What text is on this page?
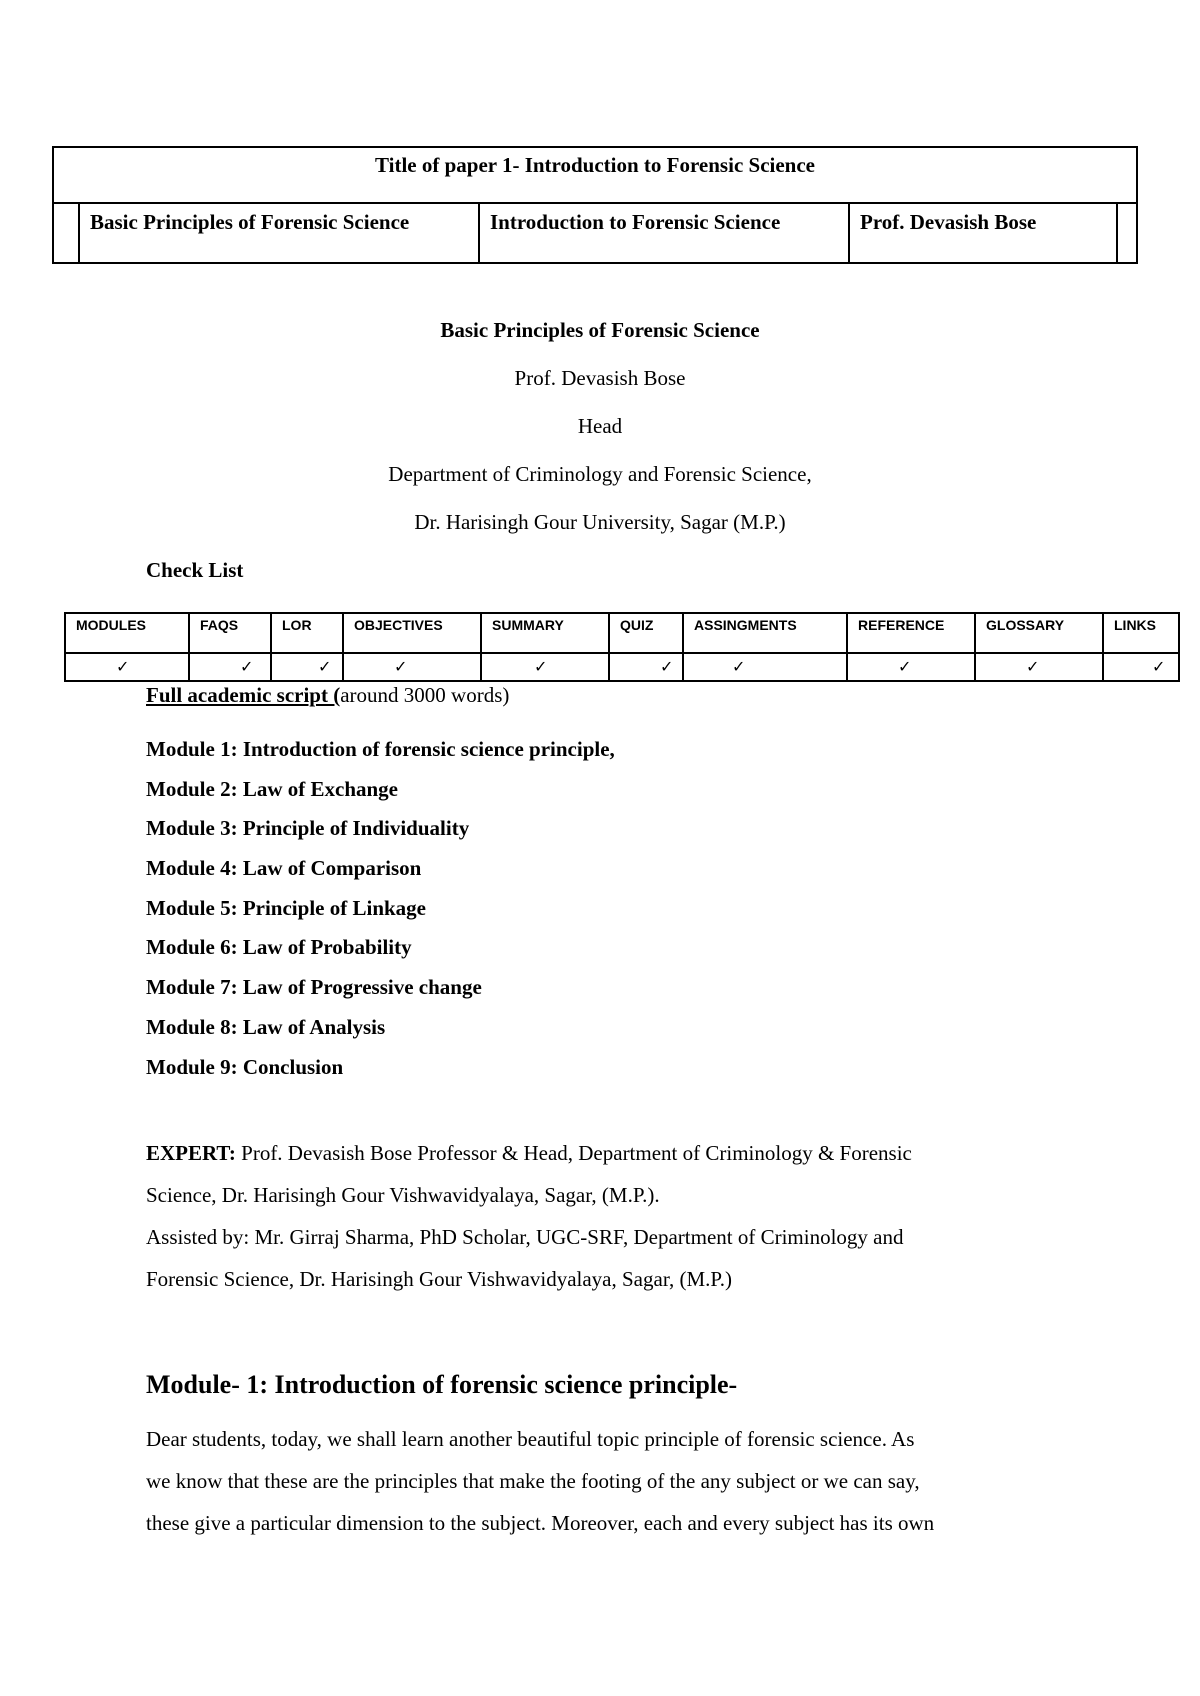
Title of paper 1- Introduction to Forensic Science
Basic Principles of Forensic Science	Introduction to Forensic Science	Prof. Devasish Bose
Basic Principles of Forensic Science
Prof. Devasish Bose
Head
Department of Criminology and Forensic Science,
Dr. Harisingh Gour University, Sagar (M.P.)
Check List
MODULES
✓
FAQS
✓
LOR
✓
OBJECTIVES
✓
SUMMARY
✓
QUIZ
✓
ASSINGMENTS
✓
REFERENCE
✓
GLOSSARY
✓
LINKS
✓
Full academic script (around 3000 words)
Module 1: Introduction of forensic science principle,
Module 2: Law of Exchange
Module 3: Principle of Individuality
Module 4: Law of Comparison
Module 5: Principle of Linkage
Module 6: Law of Probability
Module 7: Law of Progressive change
Module 8: Law of Analysis
Module 9: Conclusion
EXPERT: Prof. Devasish Bose Professor & Head, Department of Criminology & Forensic
Science, Dr. Harisingh Gour Vishwavidyalaya, Sagar, (M.P.).
Assisted by: Mr. Girraj Sharma, PhD Scholar, UGC-SRF, Department of Criminology and
Forensic Science, Dr. Harisingh Gour Vishwavidyalaya, Sagar, (M.P.)
Module- 1: Introduction of forensic science principle-
Dear students, today, we shall learn another beautiful topic principle of forensic science. As
we know that these are the principles that make the footing of the any subject or we can say,
these give a particular dimension to the subject. Moreover, each and every subject has its own
